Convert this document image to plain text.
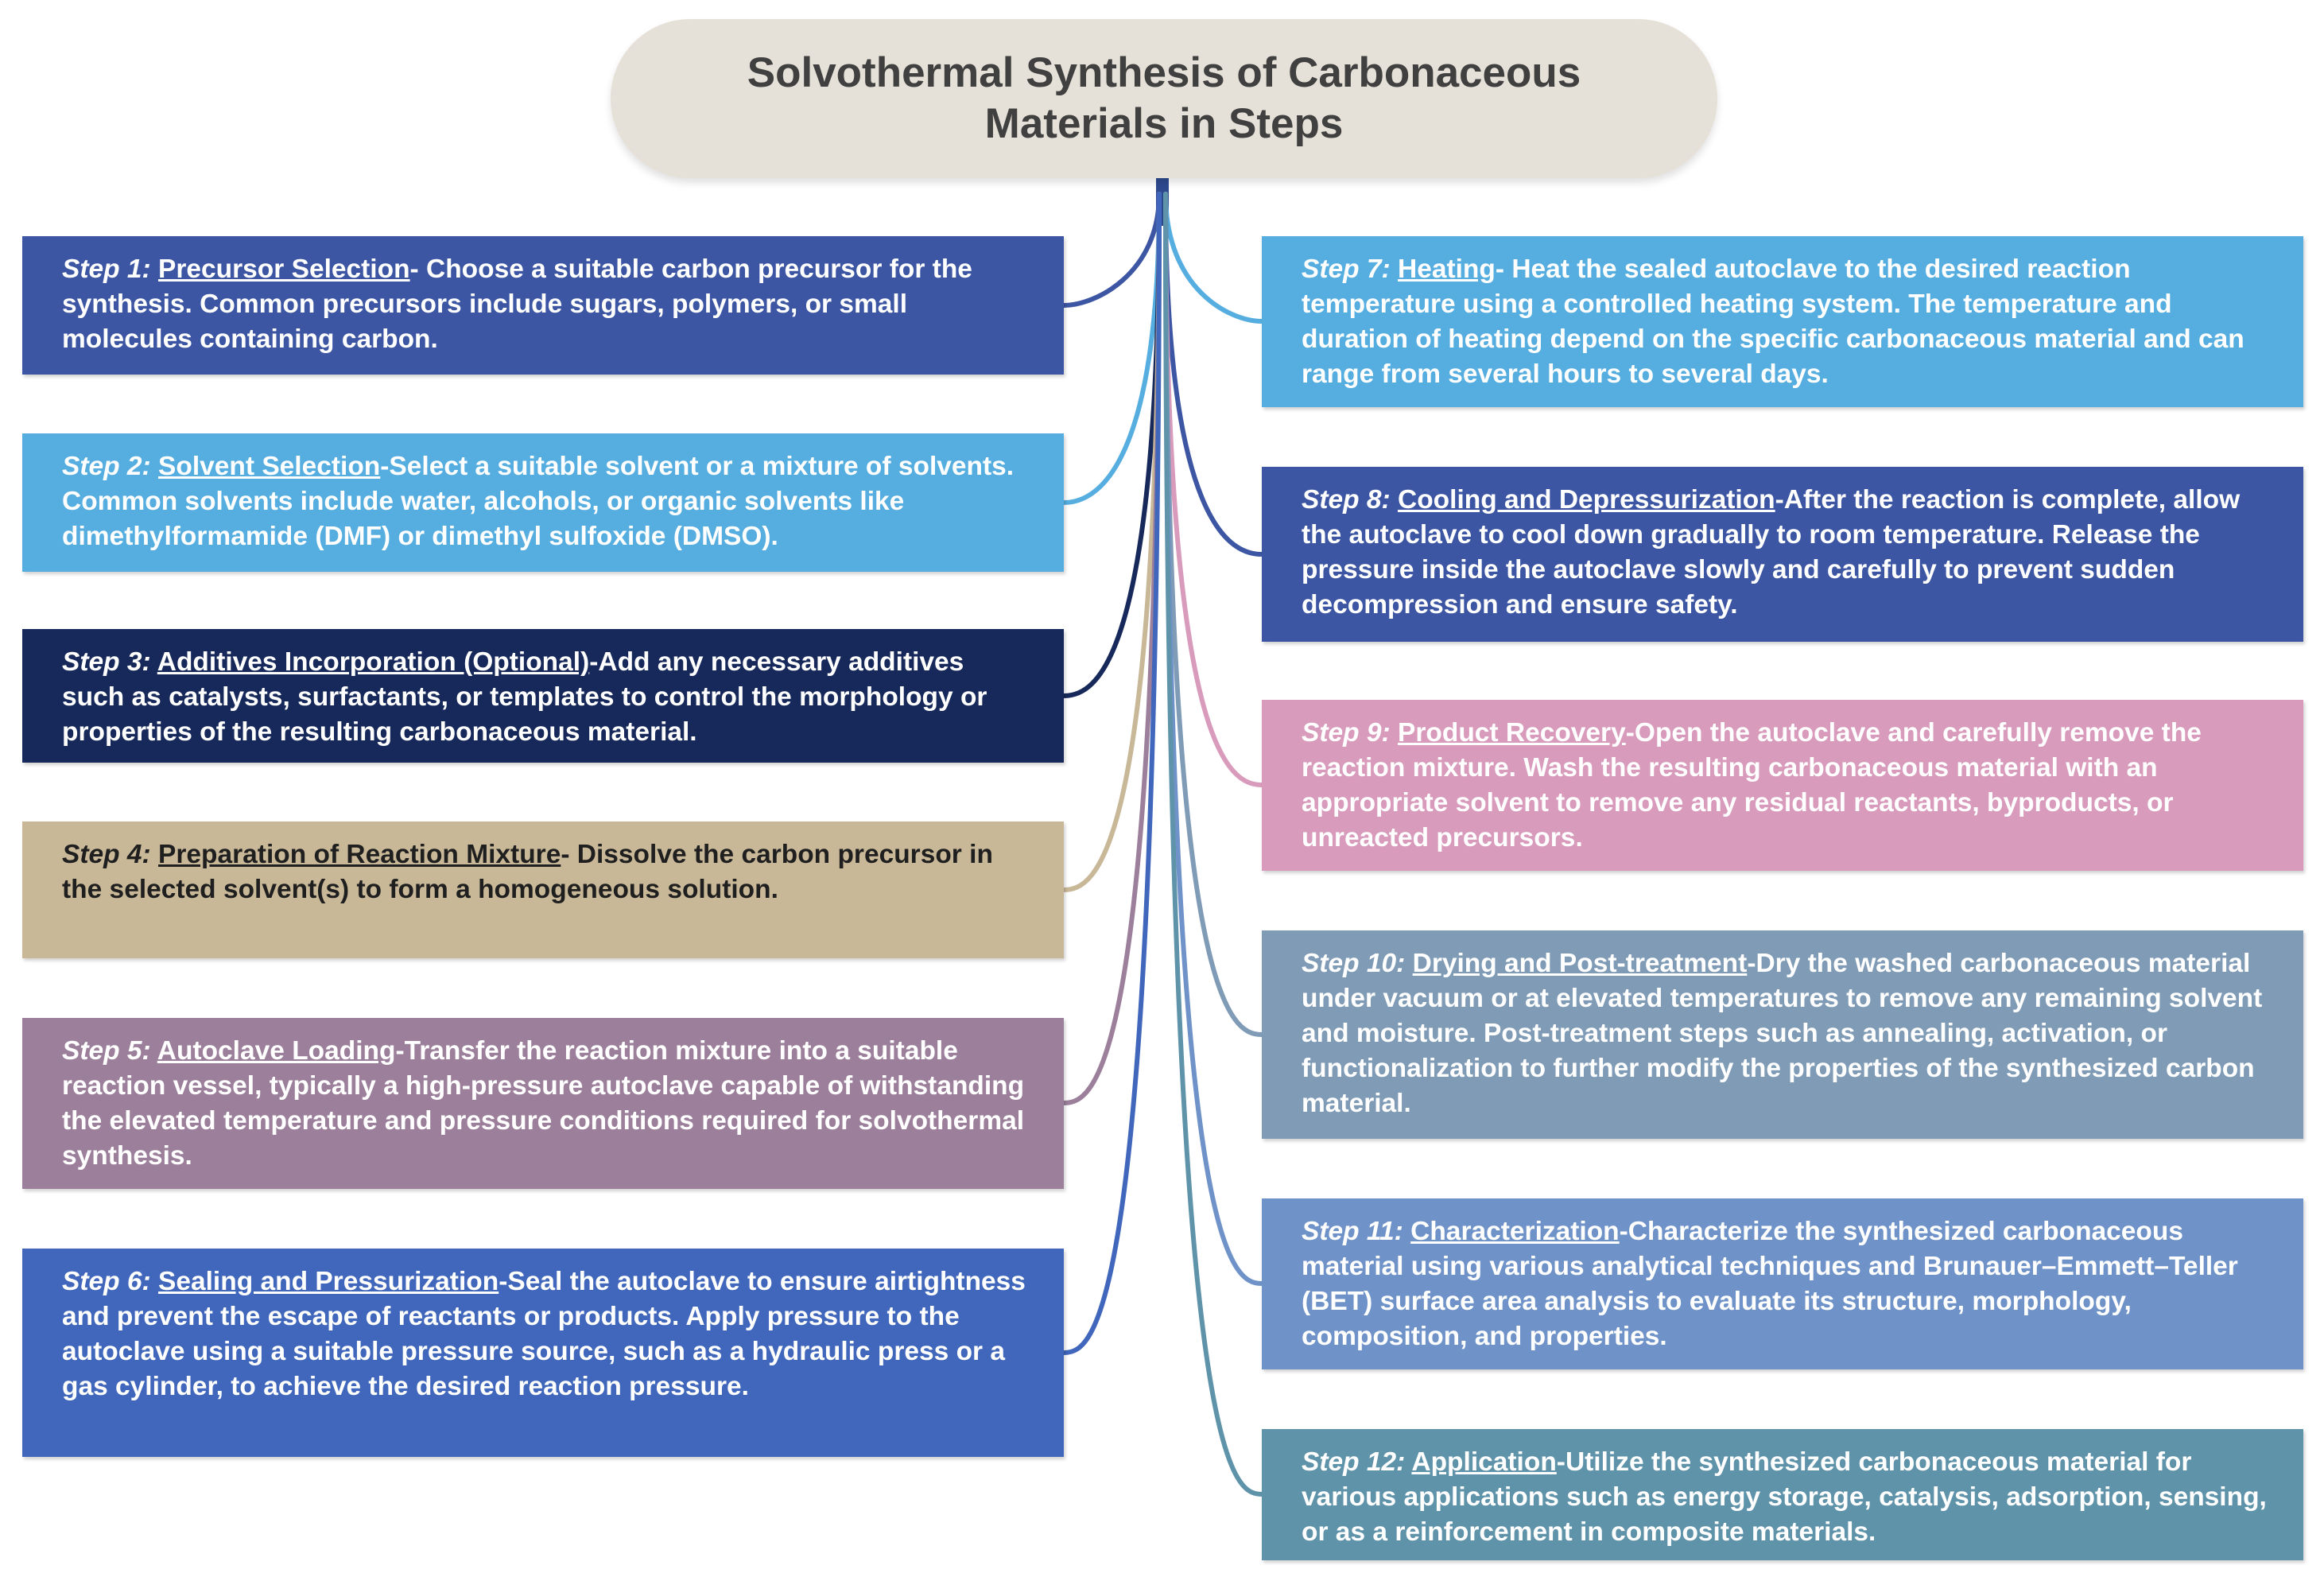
Solvothermal Synthesis of Carbonaceous Materials in Steps
Step 1: Precursor Selection- Choose a suitable carbon precursor for the synthesis. Common precursors include sugars, polymers, or small molecules containing carbon.
Step 2: Solvent Selection-Select a suitable solvent or a mixture of solvents. Common solvents include water, alcohols, or organic solvents like dimethylformamide (DMF) or dimethyl sulfoxide (DMSO).
Step 3: Additives Incorporation (Optional)-Add any necessary additives such as catalysts, surfactants, or templates to control the morphology or properties of the resulting carbonaceous material.
Step 4: Preparation of Reaction Mixture- Dissolve the carbon precursor in the selected solvent(s) to form a homogeneous solution.
Step 5: Autoclave Loading-Transfer the reaction mixture into a suitable reaction vessel, typically a high-pressure autoclave capable of withstanding the elevated temperature and pressure conditions required for solvothermal synthesis.
Step 6: Sealing and Pressurization-Seal the autoclave to ensure airtightness and prevent the escape of reactants or products. Apply pressure to the autoclave using a suitable pressure source, such as a hydraulic press or a gas cylinder, to achieve the desired reaction pressure.
Step 7: Heating- Heat the sealed autoclave to the desired reaction temperature using a controlled heating system. The temperature and duration of heating depend on the specific carbonaceous material and can range from several hours to several days.
Step 8: Cooling and Depressurization-After the reaction is complete, allow the autoclave to cool down gradually to room temperature. Release the pressure inside the autoclave slowly and carefully to prevent sudden decompression and ensure safety.
Step 9: Product Recovery-Open the autoclave and carefully remove the reaction mixture. Wash the resulting carbonaceous material with an appropriate solvent to remove any residual reactants, byproducts, or unreacted precursors.
Step 10: Drying and Post-treatment-Dry the washed carbonaceous material under vacuum or at elevated temperatures to remove any remaining solvent and moisture. Post-treatment steps such as annealing, activation, or functionalization to further modify the properties of the synthesized carbon material.
Step 11: Characterization-Characterize the synthesized carbonaceous material using various analytical techniques and Brunauer–Emmett–Teller (BET) surface area analysis to evaluate its structure, morphology, composition, and properties.
Step 12: Application-Utilize the synthesized carbonaceous material for various applications such as energy storage, catalysis, adsorption, sensing, or as a reinforcement in composite materials.
